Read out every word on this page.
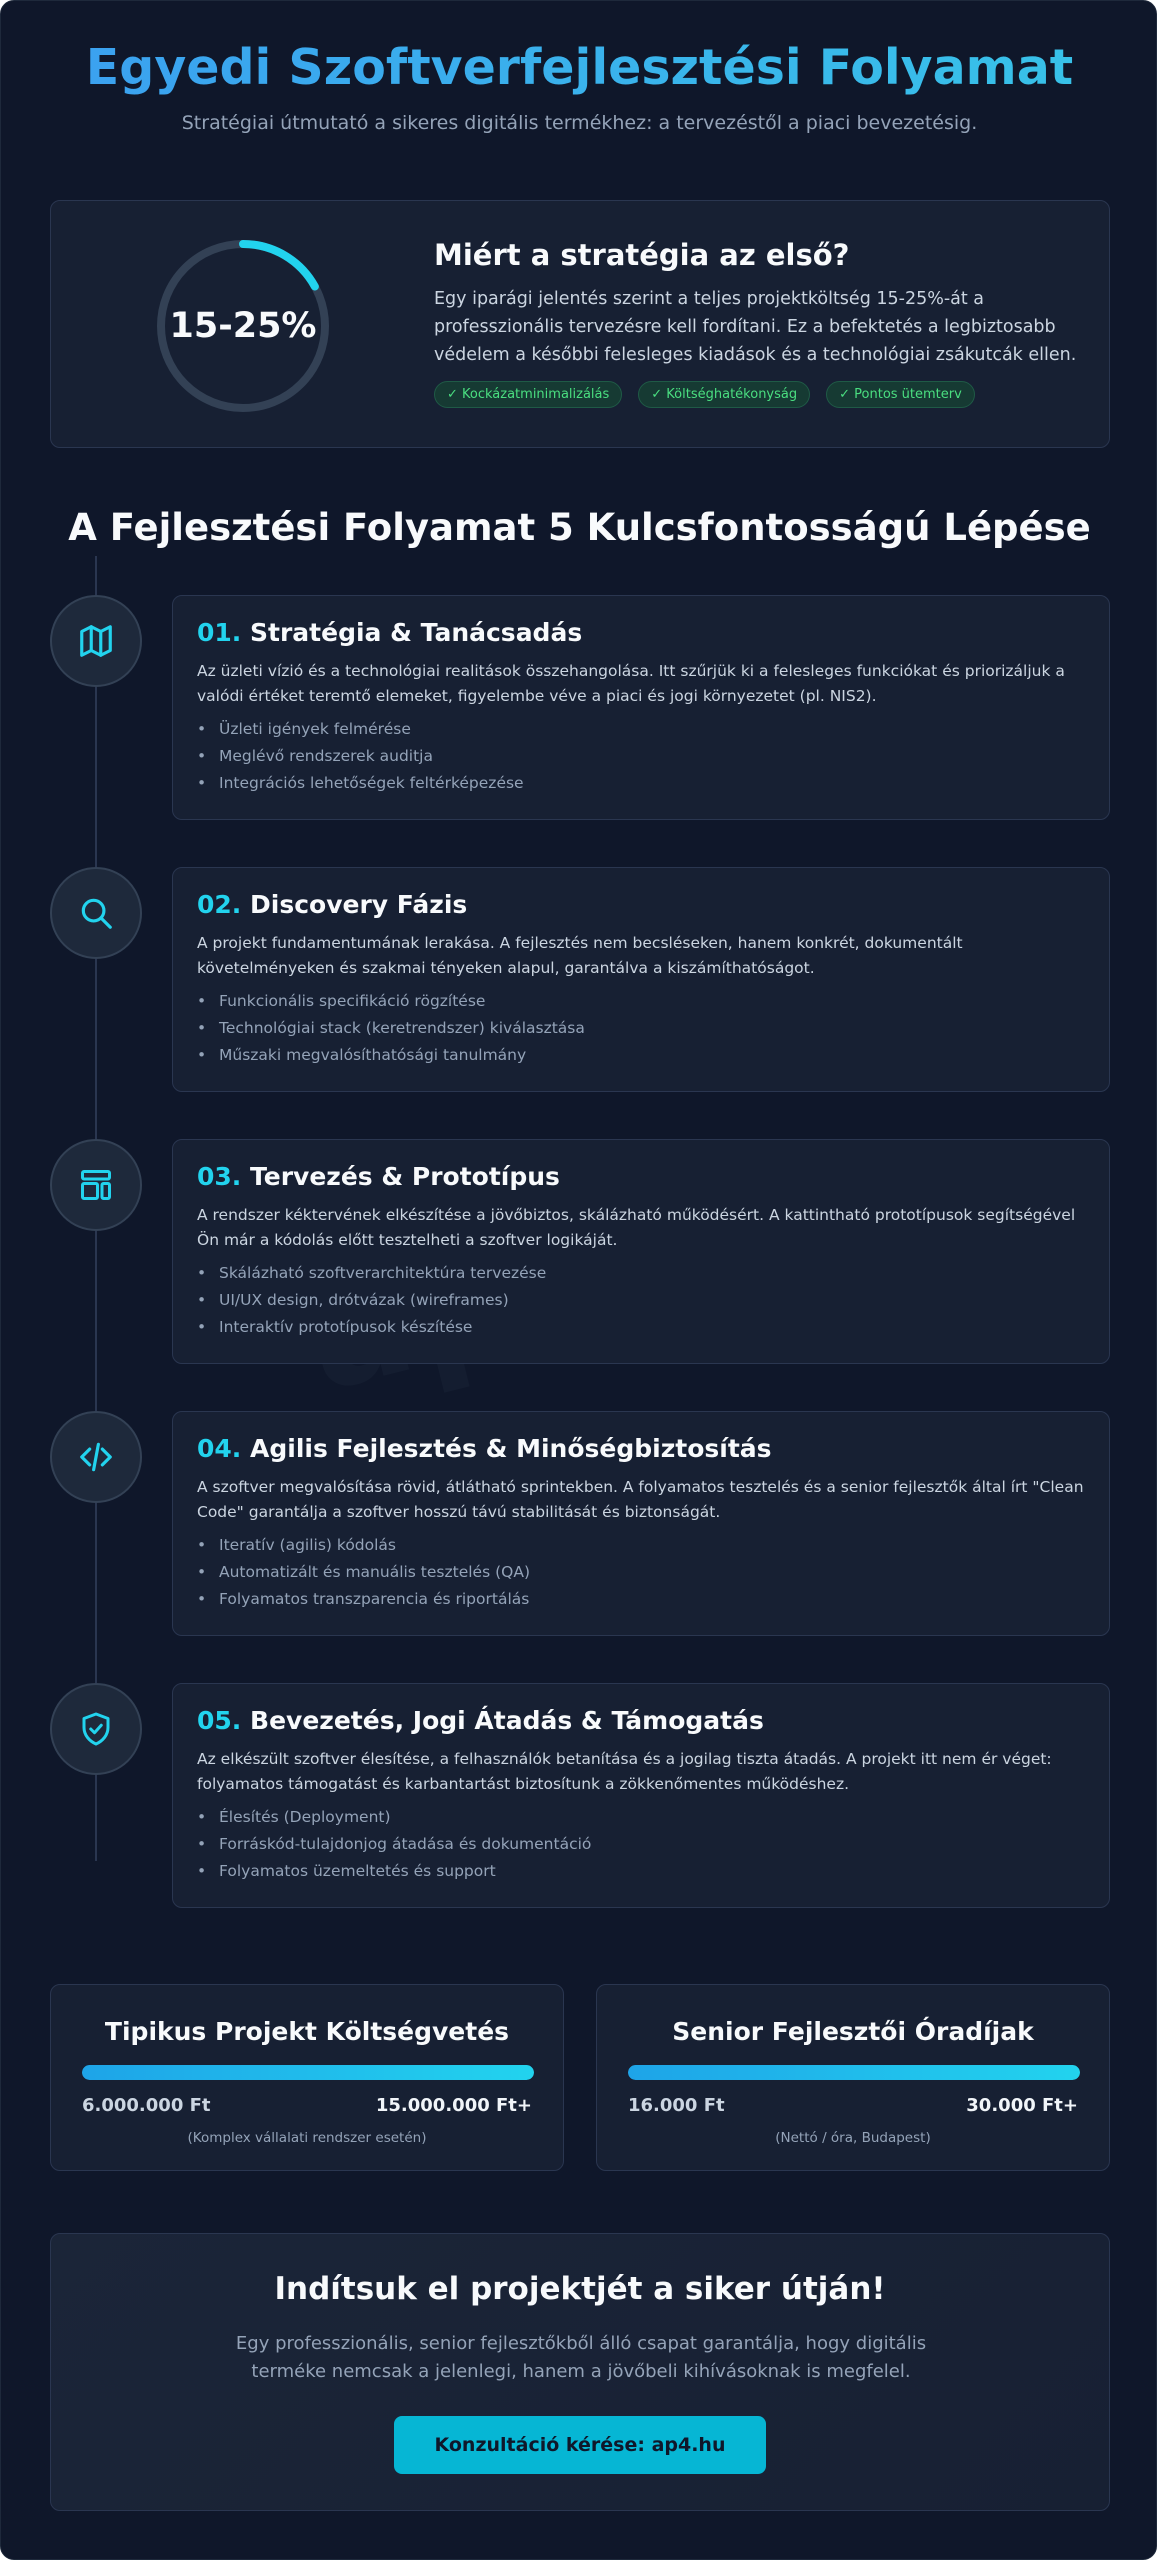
Egyedi Szoftverfejlesztési Folyamat
Stratégiai útmutató a sikeres digitális termékhez: a tervezéstől a piaci bevezetésig.
15-25%
Miért a stratégia az első?
Egy iparági jelentés szerint a teljes projektköltség 15-25%-át a
professzionális tervezésre kell fordítani. Ez a befektetés a legbiztosabb
védelem a későbbi felesleges kiadások és a technológiai zsákutcák ellen.
✓ Kockázatminimalizálás	✓ Költséghatékonyság	✓ Pontos ütemterv
A Fejlesztési Folyamat 5 Kulcsfontosságú Lépése
01. Stratégia & Tanácsadás
Az üzleti vízió és a technológiai realitások összehangolása. Itt szűrjük ki a felesleges funkciókat és priorizáljuk a
valódi értéket teremtő elemeket, figyelembe véve a piaci és jogi környezetet (pl. NIS2).
• Üzleti igények felmérése
• Meglévő rendszerek auditja
• Integrációs lehetőségek feltérképezése
02. Discovery Fázis
A projekt fundamentumának lerakása. A fejlesztés nem becsléseken, hanem konkrét, dokumentált
követelményeken és szakmai tényeken alapul, garantálva a kiszámíthatóságot.
• Funkcionális specifikáció rögzítése
• Technológiai stack (keretrendszer) kiválasztása
• Műszaki megvalósíthatósági tanulmány
03. Tervezés & Prototípus
A rendszer kéktervének elkészítése a jövőbiztos, skálázható működésért. A kattintható prototípusok segítségével
Ön már a kódolás előtt tesztelheti a szoftver logikáját.
• Skálázható szoftverarchitektúra tervezése
• UI/UX design, drótvázak (wireframes)
• Interaktív prototípusok készítése
04. Agilis Fejlesztés & Minőségbiztosítás
A szoftver megvalósítása rövid, átlátható sprintekben. A folyamatos tesztelés és a senior fejlesztők által írt "Clean
Code" garantálja a szoftver hosszú távú stabilitását és biztonságát.
• Iteratív (agilis) kódolás
• Automatizált és manuális tesztelés (QA)
• Folyamatos transzparencia és riportálás
05. Bevezetés, Jogi Átadás & Támogatás
Az elkészült szoftver élesítése, a felhasználók betanítása és a jogilag tiszta átadás. A projekt itt nem ér véget:
folyamatos támogatást és karbantartást biztosítunk a zökkenőmentes működéshez.
• Élesítés (Deployment)
• Forráskód-tulajdonjog átadása és dokumentáció
• Folyamatos üzemeltetés és support
Tipikus Projekt Költségvetés
6.000.000 Ft	15.000.000 Ft+
(Komplex vállalati rendszer esetén)
Senior Fejlesztői Óradíjak
16.000 Ft	30.000 Ft+
(Nettó / óra, Budapest)
Indítsuk el projektjét a siker útján!

Egy professzionális, senior fejlesztőkből álló csapat garantálja, hogy digitális
terméke nemcsak a jelenlegi, hanem a jövőbeli kihívásoknak is megfelel.

Konzultáció kérése: ap4.hu
